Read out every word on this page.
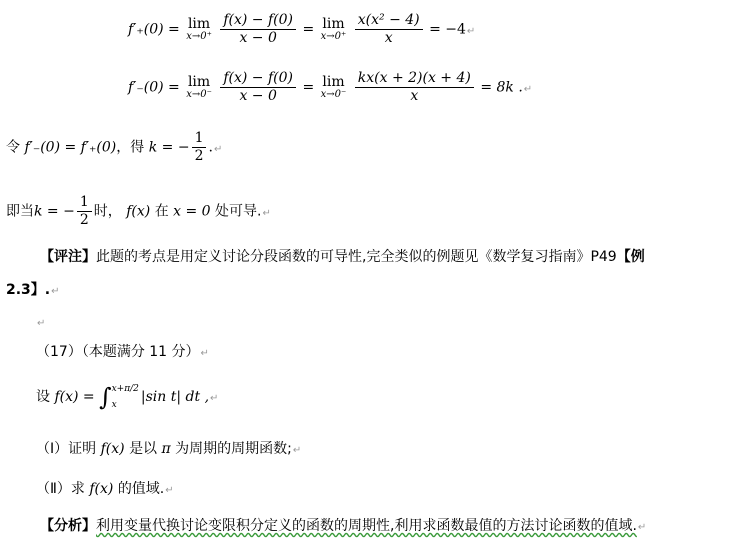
f′₊(0) = lim
x→0⁺
$\frac{f(x) - f(0)}{x - 0} = \lim$
x→0⁺
$\frac{\text{x(x² − 4)}}{x}$ = −4↵
f′₋(0) = lim
x→0⁻
$\frac{f(x) - f(0)}{x - 0} = \lim$
x→0⁻
$\frac{kx(x + 2)(x + 4)}{x} = 8k$ .↵
令 f′₋(0) = f′₊(0)，得 k = − $\frac{1}{2}$ .↵
即当k = − $\frac{1}{2}$ 时， f(x) 在 x = 0 处可导.↵
【评注】此题的考点是用定义讨论分段函数的可导性,完全类似的例题见《数学复习指南》P49【例
2.3】.↵
↵
（17）（本题满分 11 分）↵
设 f(x) = ∫ x+π/2
x	|sin t| dt ,↵
（Ⅰ）证明 f(x) 是以 π 为周期的周期函数;↵
（Ⅱ）求 f(x) 的值域.↵
【分析】利用变量代换讨论变限积分定义的函数的周期性,利用求函数最值的方法讨论函数的值域.↵
